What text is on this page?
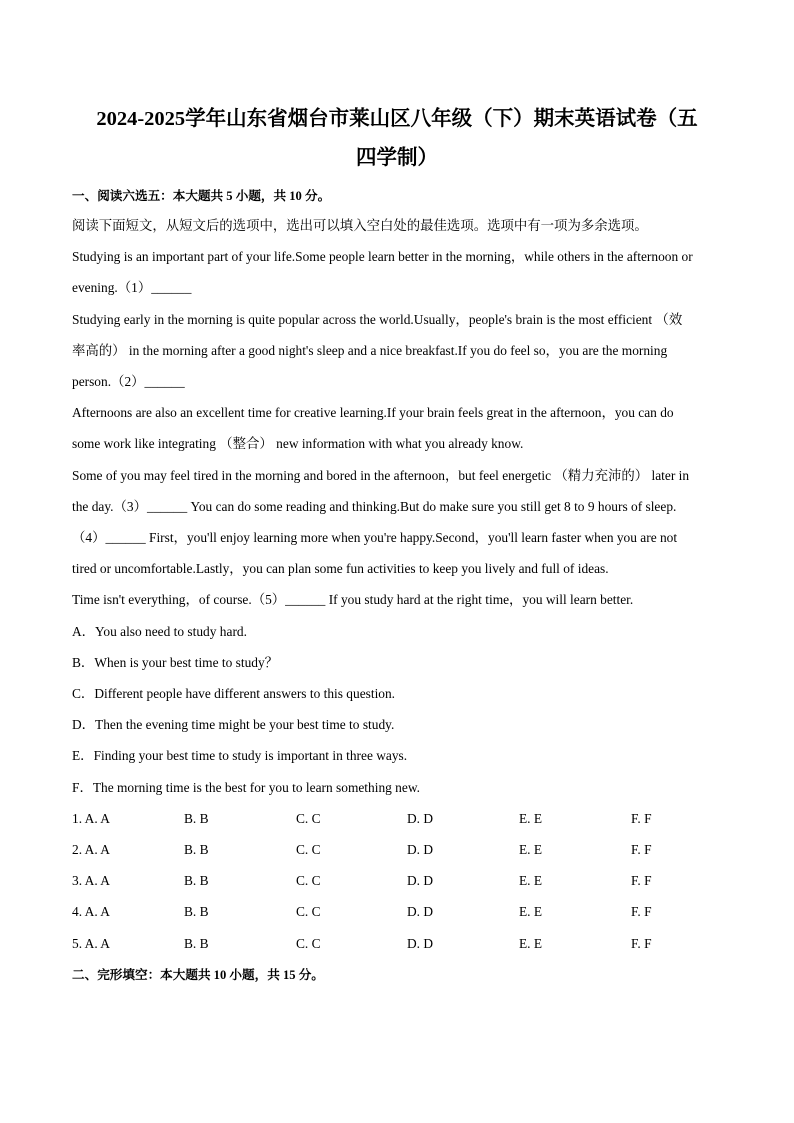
2024-2025学年山东省烟台市莱山区八年级（下）期末英语试卷（五
四学制）
一、阅读六选五：本大题共 5 小题，共 10 分。
阅读下面短文，从短文后的选项中，选出可以填入空白处的最佳选项。选项中有一项为多余选项。
Studying is an important part of your life.Some people learn better in the morning，while others in the afternoon or
evening.（1）______
Studying early in the morning is quite popular across the world.Usually，people's brain is the most efficient （效
率高的） in the morning after a good night's sleep and a nice breakfast.If you do feel so，you are the morning
person.（2）______
Afternoons are also an excellent time for creative learning.If your brain feels great in the afternoon，you can do
some work like integrating （整合） new information with what you already know.
Some of you may feel tired in the morning and bored in the afternoon，but feel energetic （精力充沛的） later in
the day.（3）______ You can do some reading and thinking.But do make sure you still get 8 to 9 hours of sleep.
（4）______ First，you'll enjoy learning more when you're happy.Second，you'll learn faster when you are not
tired or uncomfortable.Lastly，you can plan some fun activities to keep you lively and full of ideas.
Time isn't everything，of course.（5）______ If you study hard at the right time，you will learn better.
A．You also need to study hard.
B．When is your best time to study？
C．Different people have different answers to this question.
D．Then the evening time might be your best time to study.
E．Finding your best time to study is important in three ways.
F．The morning time is the best for you to learn something new.
1. A. A	B. B	C. C	D. D	E. E	F. F
2. A. A	B. B	C. C	D. D	E. E	F. F
3. A. A	B. B	C. C	D. D	E. E	F. F
4. A. A	B. B	C. C	D. D	E. E	F. F
5. A. A	B. B	C. C	D. D	E. E	F. F
二、完形填空：本大题共 10 小题，共 15 分。
